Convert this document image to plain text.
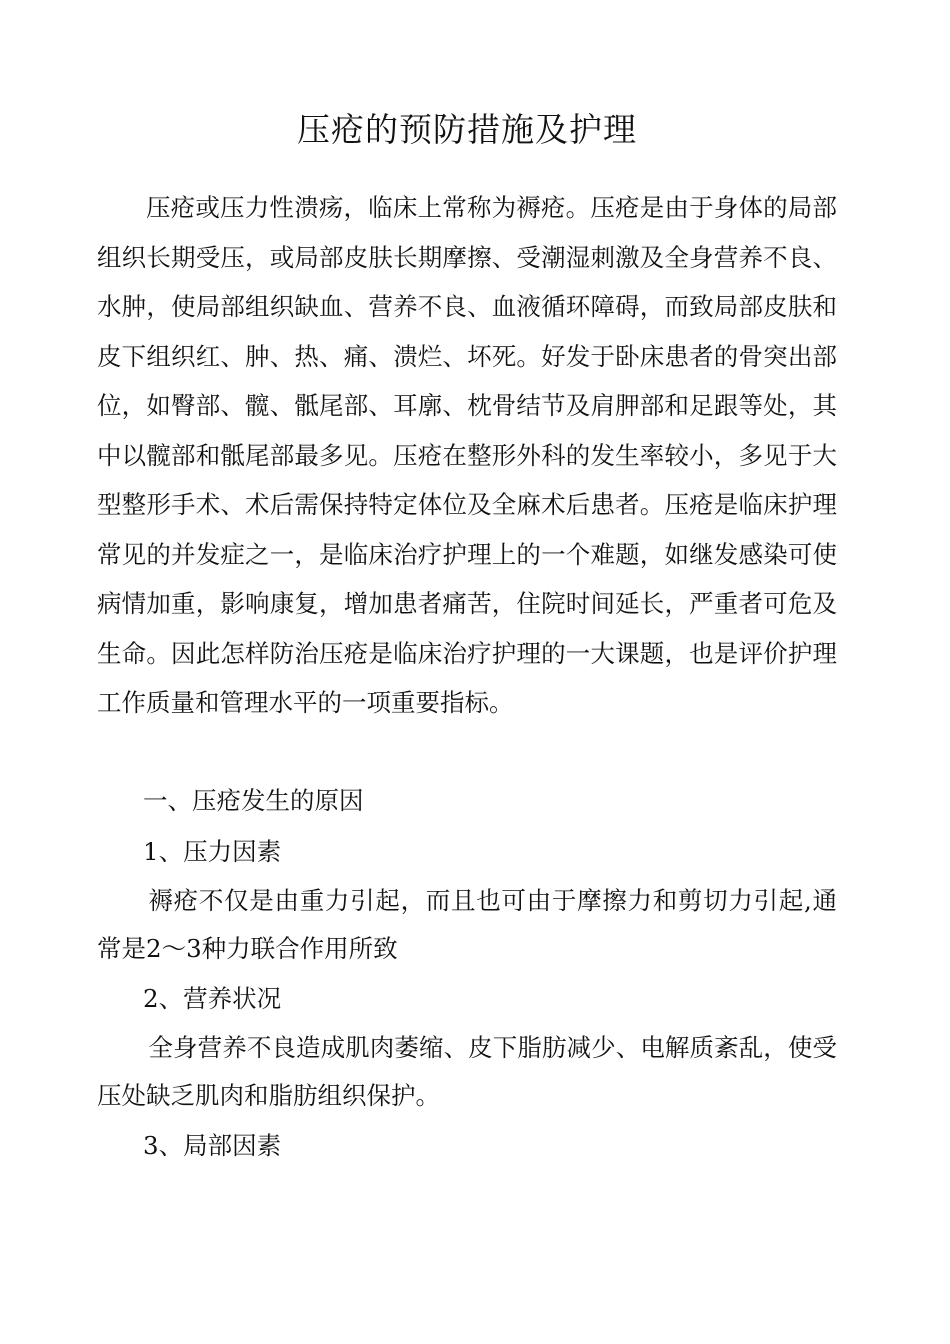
压疮的预防措施及护理

压疮或压力性溃疡，临床上常称为褥疮。压疮是由于身体的局部组织长期受压，或局部皮肤长期摩擦、受潮湿刺激及全身营养不良、水肿，使局部组织缺血、营养不良、血液循环障碍，而致局部皮肤和皮下组织红、肿、热、痛、溃烂、坏死。好发于卧床患者的骨突出部位，如臀部、髋、骶尾部、耳廓、枕骨结节及肩胛部和足跟等处，其中以髋部和骶尾部最多见。压疮在整形外科的发生率较小，多见于大型整形手术、术后需保持特定体位及全麻术后患者。压疮是临床护理常见的并发症之一，是临床治疗护理上的一个难题，如继发感染可使病情加重，影响康复，增加患者痛苦，住院时间延长，严重者可危及生命。因此怎样防治压疮是临床治疗护理的一大课题，也是评价护理工作质量和管理水平的一项重要指标。

一、压疮发生的原因

1、压力因素

褥疮不仅是由重力引起，而且也可由于摩擦力和剪切力引起,通常是2〜3种力联合作用所致

2、营养状况

全身营养不良造成肌肉萎缩、皮下脂肪减少、电解质紊乱，使受压处缺乏肌肉和脂肪组织保护。

3、局部因素
